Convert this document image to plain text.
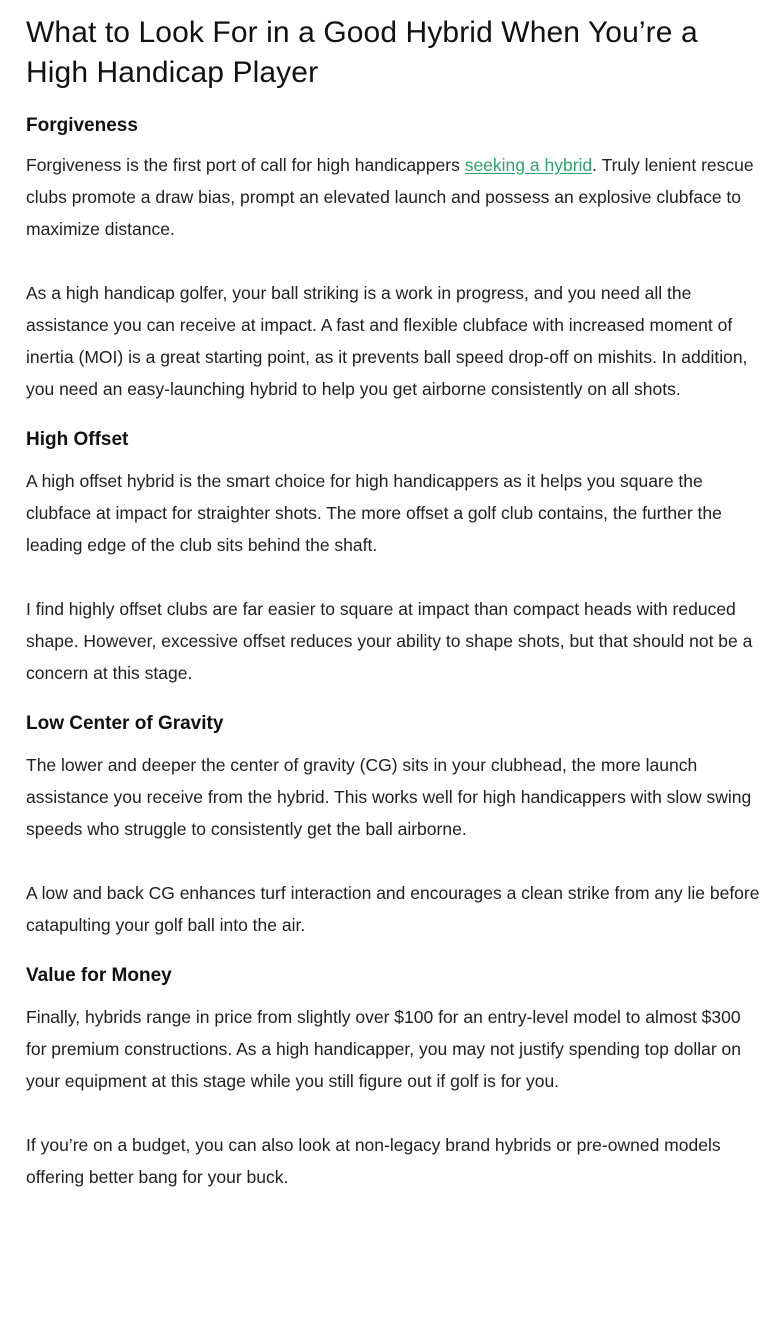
What to Look For in a Good Hybrid When You’re a High Handicap Player
Forgiveness

Forgiveness is the first port of call for high handicappers seeking a hybrid. Truly lenient rescue clubs promote a draw bias, prompt an elevated launch and possess an explosive clubface to maximize distance.

As a high handicap golfer, your ball striking is a work in progress, and you need all the assistance you can receive at impact. A fast and flexible clubface with increased moment of inertia (MOI) is a great starting point, as it prevents ball speed drop-off on mishits. In addition, you need an easy-launching hybrid to help you get airborne consistently on all shots.

High Offset

A high offset hybrid is the smart choice for high handicappers as it helps you square the clubface at impact for straighter shots. The more offset a golf club contains, the further the leading edge of the club sits behind the shaft.

I find highly offset clubs are far easier to square at impact than compact heads with reduced shape. However, excessive offset reduces your ability to shape shots, but that should not be a concern at this stage.

Low Center of Gravity

The lower and deeper the center of gravity (CG) sits in your clubhead, the more launch assistance you receive from the hybrid. This works well for high handicappers with slow swing speeds who struggle to consistently get the ball airborne.

A low and back CG enhances turf interaction and encourages a clean strike from any lie before catapulting your golf ball into the air.

Value for Money

Finally, hybrids range in price from slightly over $100 for an entry-level model to almost $300 for premium constructions. As a high handicapper, you may not justify spending top dollar on your equipment at this stage while you still figure out if golf is for you.

If you’re on a budget, you can also look at non-legacy brand hybrids or pre-owned models offering better bang for your buck.
